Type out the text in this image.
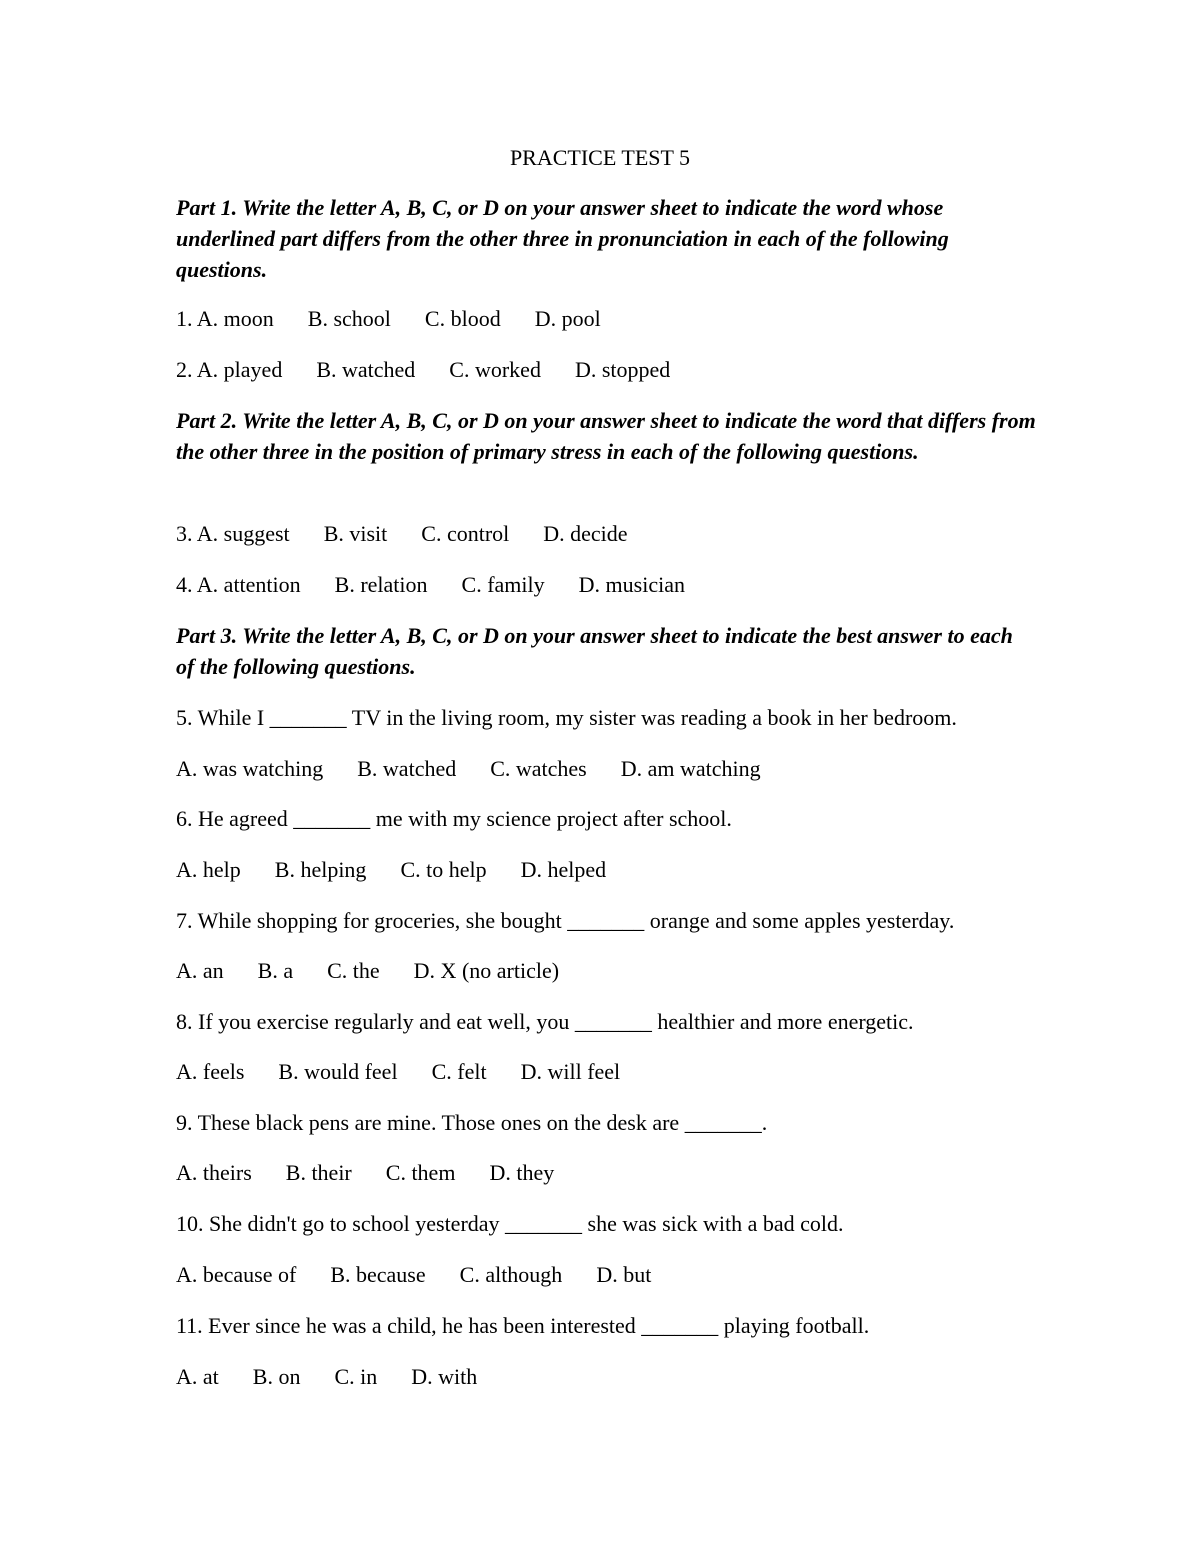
PRACTICE TEST 5
Part 1. Write the letter A, B, C, or D on your answer sheet to indicate the word whose underlined part differs from the other three in pronunciation in each of the following questions.
1. A. moon B. school C. blood D. pool
2. A. played B. watched C. worked D. stopped
Part 2. Write the letter A, B, C, or D on your answer sheet to indicate the word that differs from the other three in the position of primary stress in each of the following questions.
3. A. suggest B. visit C. control D. decide
4. A. attention B. relation C. family D. musician
Part 3. Write the letter A, B, C, or D on your answer sheet to indicate the best answer to each of the following questions.
5. While I _______ TV in the living room, my sister was reading a book in her bedroom.
A. was watching B. watched C. watches D. am watching
6. He agreed _______ me with my science project after school.
A. help B. helping C. to help D. helped
7. While shopping for groceries, she bought _______ orange and some apples yesterday.
A. an B. a C. the D. X (no article)
8. If you exercise regularly and eat well, you _______ healthier and more energetic.
A. feels B. would feel C. felt D. will feel
9. These black pens are mine. Those ones on the desk are _______.
A. theirs B. their C. them D. they
10. She didn't go to school yesterday _______ she was sick with a bad cold.
A. because of B. because C. although D. but
11. Ever since he was a child, he has been interested _______ playing football.
A. at B. on C. in D. with
